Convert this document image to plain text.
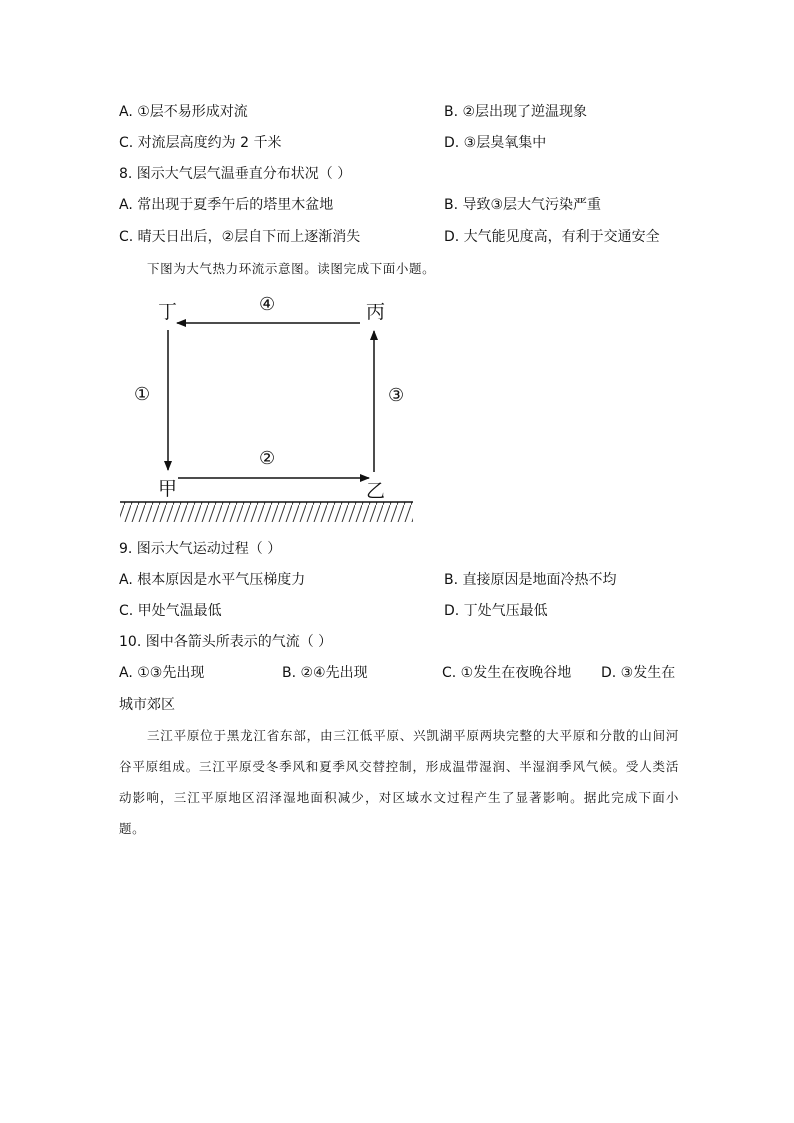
A. ①层不易形成对流	B. ②层出现了逆温现象
C. 对流层高度约为 2 千米	D. ③层臭氧集中
8. 图示大气层气温垂直分布状况（ ）
A. 常出现于夏季午后的塔里木盆地	B. 导致③层大气污染严重
C. 晴天日出后，②层自下而上逐渐消失	D. 大气能见度高，有利于交通安全
下图为大气热力环流示意图。读图完成下面小题。
丁	丙
甲	乙
④
①
②
③
9. 图示大气运动过程（ ）
A. 根本原因是水平气压梯度力	B. 直接原因是地面冷热不均
C. 甲处气温最低	D. 丁处气压最低
10. 图中各箭头所表示的气流（ ）
A. ①③先出现	B. ②④先出现	C. ①发生在夜晚谷地 D. ③发生在
城市郊区
三江平原位于黑龙江省东部，由三江低平原、兴凯湖平原两块完整的大平原和分散的山间河谷平原组成。三江平原受冬季风和夏季风交替控制，形成温带湿润、半湿润季风气候。受人类活动影响，三江平原地区沼泽湿地面积减少，对区域水文过程产生了显著影响。据此完成下面小题。
